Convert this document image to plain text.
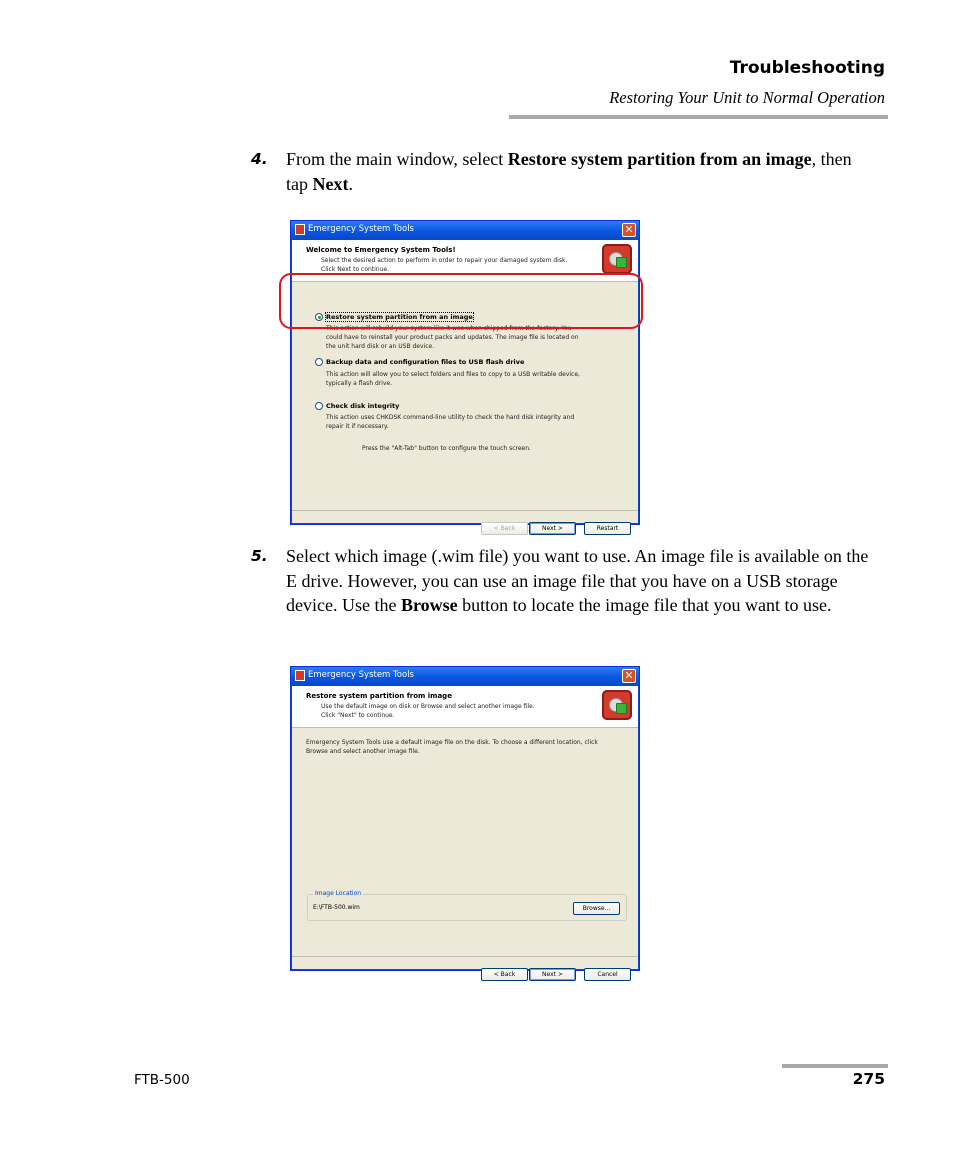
Troubleshooting
Restoring Your Unit to Normal Operation
4. From the main window, select Restore system partition from an image, then tap Next.
Emergency System Tools	✕
Welcome to Emergency System Tools!
Select the desired action to perform in order to repair your damaged system disk.
Click Next to continue.
Restore system partition from an image
This action will rebuild your system like it was when shipped from the factory. You could have to reinstall your product packs and updates. The image file is located on the unit hard disk or an USB device.
Backup data and configuration files to USB flash drive
This action will allow you to select folders and files to copy to a USB writable device, typically a flash drive.
Check disk integrity
This action uses CHKDSK command-line utility to check the hard disk integrity and repair it if necessary.
Press the "Alt-Tab" button to configure the touch screen.
< Back	Next >	Restart
5. Select which image (.wim file) you want to use. An image file is available on the E drive. However, you can use an image file that you have on a USB storage device. Use the Browse button to locate the image file that you want to use.
Emergency System Tools	✕
Restore system partition from image
Use the default image on disk or Browse and select another image file.
Click "Next" to continue.
Emergency System Tools use a default image file on the disk. To choose a different location, click Browse and select another image file.
Image Location
E:\FTB-500.wim	Browse...
< Back	Next >	Cancel
FTB-500	275
